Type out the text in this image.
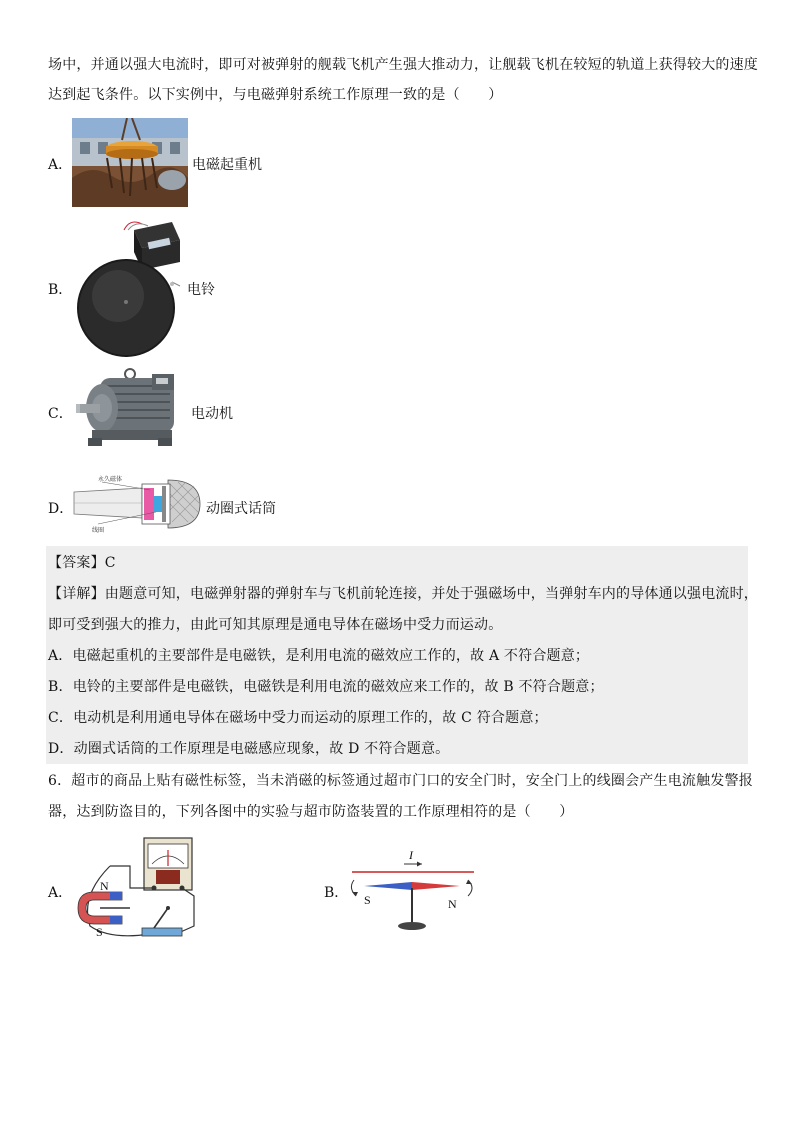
场中，并通以强大电流时，即可对被弹射的舰载飞机产生强大推动力，让舰载飞机在较短的轨道上获得较大的速度
达到起飞条件。以下实例中，与电磁弹射系统工作原理一致的是（　　）
A．	电磁起重机
B．	电铃
C．	电动机
D．
永久磁体
线圈
动圈式话筒
【答案】C
【详解】由题意可知，电磁弹射器的弹射车与飞机前轮连接，并处于强磁场中，当弹射车内的导体通以强电流时，
即可受到强大的推力，由此可知其原理是通电导体在磁场中受力而运动。
A．电磁起重机的主要部件是电磁铁，是利用电流的磁效应工作的，故 A 不符合题意；
B．电铃的主要部件是电磁铁，电磁铁是利用电流的磁效应来工作的，故 B 不符合题意；
C．电动机是利用通电导体在磁场中受力而运动的原理工作的，故 C 符合题意；
D．动圈式话筒的工作原理是电磁感应现象，故 D 不符合题意。
6．超市的商品上贴有磁性标签，当未消磁的标签通过超市门口的安全门时，安全门上的线圈会产生电流触发警报
器，达到防盗目的，下列各图中的实验与超市防盗装置的工作原理相符的是（　　）
A． N
S
B．
I
S	N
